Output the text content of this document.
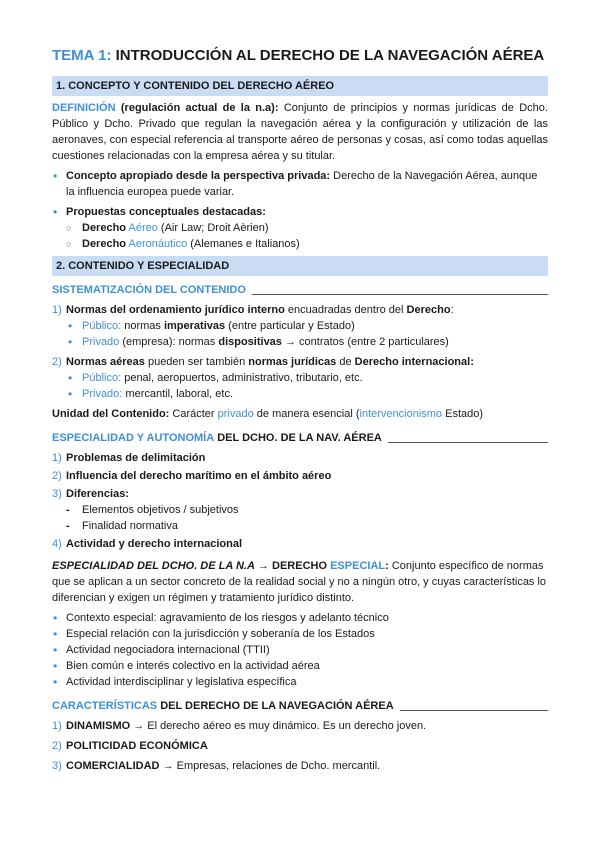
TEMA 1: INTRODUCCIÓN AL DERECHO DE LA NAVEGACIÓN AÉREA
1. CONCEPTO Y CONTENIDO DEL DERECHO AÉREO

DEFINICIÓN (regulación actual de la n.a): Conjunto de principios y normas jurídicas de Dcho. Público y Dcho. Privado que regulan la navegación aérea y la configuración y utilización de las aeronaves, con especial referencia al transporte aéreo de personas y cosas, así como todas aquellas cuestiones relacionadas con la empresa aérea y su titular.

• Concepto apropiado desde la perspectiva privada: Derecho de la Navegación Aérea, aunque la influencia europea puede variar.
• Propuestas conceptuales destacadas:
○ Derecho Aéreo (Air Law; Droit Aèrien)
○ Derecho Aeronáutico (Alemanes e Italianos)
2. CONTENIDO Y ESPECIALIDAD
SISTEMATIZACIÓN DEL CONTENIDO
1) Normas del ordenamiento jurídico interno encuadradas dentro del Derecho:
• Público: normas imperativas (entre particular y Estado)
• Privado (empresa): normas dispositivas → contratos (entre 2 particulares)
2) Normas aéreas pueden ser también normas jurídicas de Derecho internacional:
• Público: penal, aeropuertos, administrativo, tributario, etc.
• Privado: mercantil, laboral, etc.
Unidad del Contenido: Carácter privado de manera esencial (intervencionismo Estado)
ESPECIALIDAD Y AUTONOMÍA
DEL DCHO. DE LA NAV. AÉREA
1) Problemas de delimitación
2) Influencia del derecho marítimo en el ámbito aéreo
3) Diferencias:
- Elementos objetivos / subjetivos
- Finalidad normativa
4) Actividad y derecho internacional

ESPECIALIDAD DEL DCHO. DE LA N.A → DERECHO ESPECIAL: Conjunto específico de normas que se aplican a un sector concreto de la realidad social y no a ningún otro, y cuyas características lo diferencian y exigen un régimen y tratamiento jurídico distinto.

• Contexto especial: agravamiento de los riesgos y adelanto técnico
• Especial relación con la jurisdicción y soberanía de los Estados
• Actividad negociadora internacional (TTII)
• Bien común e interés colectivo en la actividad aérea
• Actividad interdisciplinar y legislativa específica
CARACTERÍSTICAS
DEL DERECHO DE LA NAVEGACIÓN AÉREA
1) DINAMISMO → El derecho aéreo es muy dinámico. Es un derecho joven.
2) POLITICIDAD ECONÓMICA
3) COMERCIALIDAD → Empresas, relaciones de Dcho. mercantil.
